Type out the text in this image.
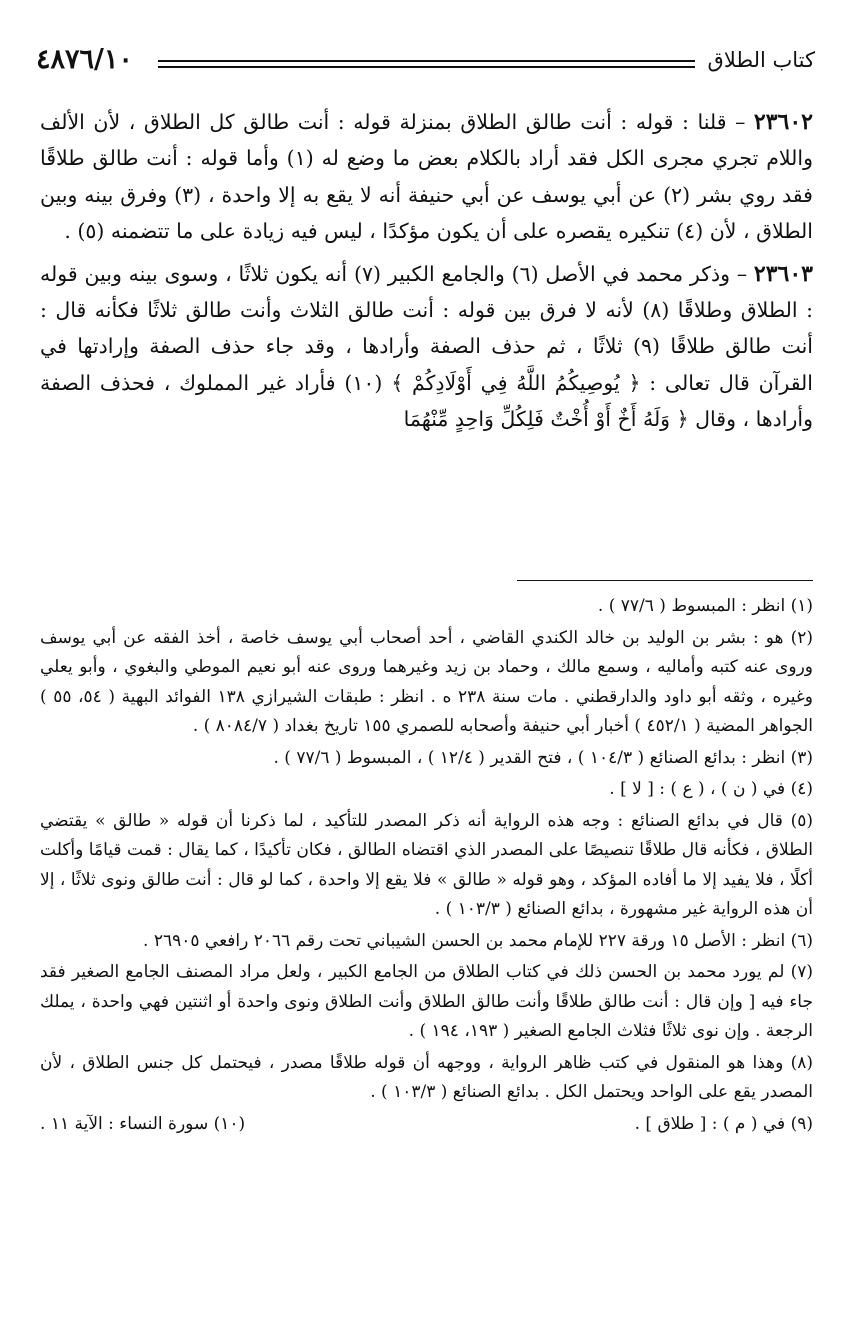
٤٨٧٦/١٠	كتاب الطلاق

٢٣٦٠٢ – قلنا : قوله : أنت طالق الطلاق بمنزلة قوله : أنت طالق كل الطلاق ، لأن الألف واللام تجري مجرى الكل فقد أراد بالكلام بعض ما وضع له (١) وأما قوله : أنت طالق طلاقًا فقد روي بشر (٢) عن أبي يوسف عن أبي حنيفة أنه لا يقع به إلا واحدة ، (٣) وفرق بينه وبين الطلاق ، لأن (٤) تنكيره يقصره على أن يكون مؤكدًا ، ليس فيه زيادة على ما تتضمنه (٥) .

٢٣٦٠٣ – وذكر محمد في الأصل (٦) والجامع الكبير (٧) أنه يكون ثلاثًا ، وسوى بينه وبين قوله : الطلاق وطلاقًا (٨) لأنه لا فرق بين قوله : أنت طالق الثلاث وأنت طالق ثلاثًا فكأنه قال : أنت طالق طلاقًا (٩) ثلاثًا ، ثم حذف الصفة وأرادها ، وقد جاء حذف الصفة وإرادتها في القرآن قال تعالى : ﴿ يُوصِيكُمُ اللَّهُ فِي أَوْلَادِكُمْ ﴾ (١٠) فأراد غير المملوك ، فحذف الصفة وأرادها ، وقال ﴿ وَلَهُ أَخٌ أَوْ أُخْتٌ فَلِكُلِّ وَاحِدٍ مِّنْهُمَا

(١) انظر : المبسوط ( ٧٧/٦ ) .

(٢) هو : بشر بن الوليد بن خالد الكندي القاضي ، أحد أصحاب أبي يوسف خاصة ، أخذ الفقه عن أبي يوسف وروى عنه كتبه وأماليه ، وسمع مالك ، وحماد بن زيد وغيرهما وروى عنه أبو نعيم الموطي والبغوي ، وأبو يعلي وغيره ، وثقه أبو داود والدارقطني . مات سنة ٢٣٨ ه . انظر : طبقات الشيرازي ١٣٨ الفوائد البهية ( ٥٤، ٥٥ ) الجواهر المضية ( ٤٥٢/١ ) أخبار أبي حنيفة وأصحابه للصمري ١٥٥ تاريخ بغداد ( ٨٠٨٤/٧ ) .

(٣) انظر : بدائع الصنائع ( ١٠٤/٣ ) ، فتح القدير ( ١٢/٤ ) ، المبسوط ( ٧٧/٦ ) .

(٤) في ( ن ) ، ( ع ) : [ لا ] .

(٥) قال في بدائع الصنائع : وجه هذه الرواية أنه ذكر المصدر للتأكيد ، لما ذكرنا أن قوله « طالق » يقتضي الطلاق ، فكأنه قال طلاقًا تنصيصًا على المصدر الذي اقتضاه الطالق ، فكان تأكيدًا ، كما يقال : قمت قيامًا وأكلت أكلًا ، فلا يفيد إلا ما أفاده المؤكد ، وهو قوله « طالق » فلا يقع إلا واحدة ، كما لو قال : أنت طالق ونوى ثلاثًا ، إلا أن هذه الرواية غير مشهورة ، بدائع الصنائع ( ١٠٣/٣ ) .

(٦) انظر : الأصل ١٥ ورقة ٢٢٧ للإمام محمد بن الحسن الشيباني تحت رقم ٢٠٦٦ رافعي ٢٦٩٠٥ .

(٧) لم يورد محمد بن الحسن ذلك في كتاب الطلاق من الجامع الكبير ، ولعل مراد المصنف الجامع الصغير فقد جاء فيه [ وإن قال : أنت طالق طلاقًا وأنت طالق الطلاق وأنت الطلاق ونوى واحدة أو اثنتين فهي واحدة ، يملك الرجعة . وإن نوى ثلاثًا فثلاث الجامع الصغير ( ١٩٣، ١٩٤ ) .

(٨) وهذا هو المنقول في كتب ظاهر الرواية ، ووجهه أن قوله طلاقًا مصدر ، فيحتمل كل جنس الطلاق ، لأن المصدر يقع على الواحد ويحتمل الكل . بدائع الصنائع ( ١٠٣/٣ ) .

(٩) في ( م ) : [ طلاق ] .
(١٠) سورة النساء : الآية ١١ .
